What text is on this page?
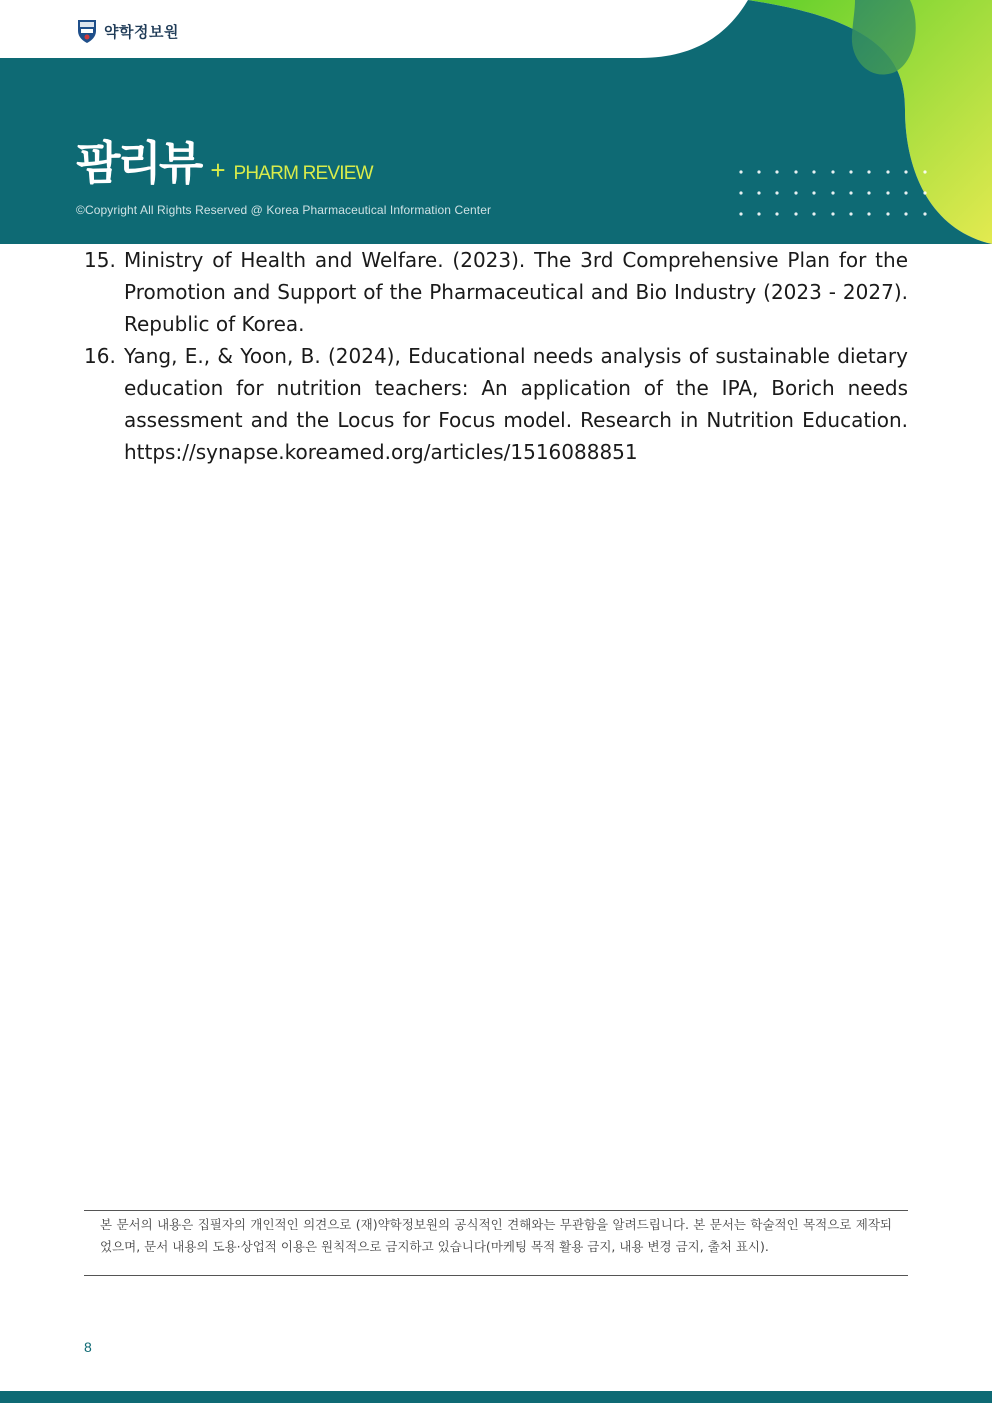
약학정보원
팜리뷰 + PHARM REVIEW
©Copyright All Rights Reserved @ Korea Pharmaceutical Information Center
15. Ministry of Health and Welfare. (2023). The 3rd Comprehensive Plan for the Promotion and Support of the Pharmaceutical and Bio Industry (2023 - 2027). Republic of Korea.
16. Yang, E., & Yoon, B. (2024), Educational needs analysis of sustainable dietary education for nutrition teachers: An application of the IPA, Borich needs assessment and the Locus for Focus model. Research in Nutrition Education. https://synapse.koreamed.org/articles/1516088851

본 문서의 내용은 집필자의 개인적인 의견으로 (재)약학정보원의 공식적인 견해와는 무관함을 알려드립니다. 본 문서는 학술적인 목적으로 제작되었으며, 문서 내용의 도용·상업적 이용은 원칙적으로 금지하고 있습니다(마케팅 목적 활용 금지, 내용 변경 금지, 출처 표시).

8
